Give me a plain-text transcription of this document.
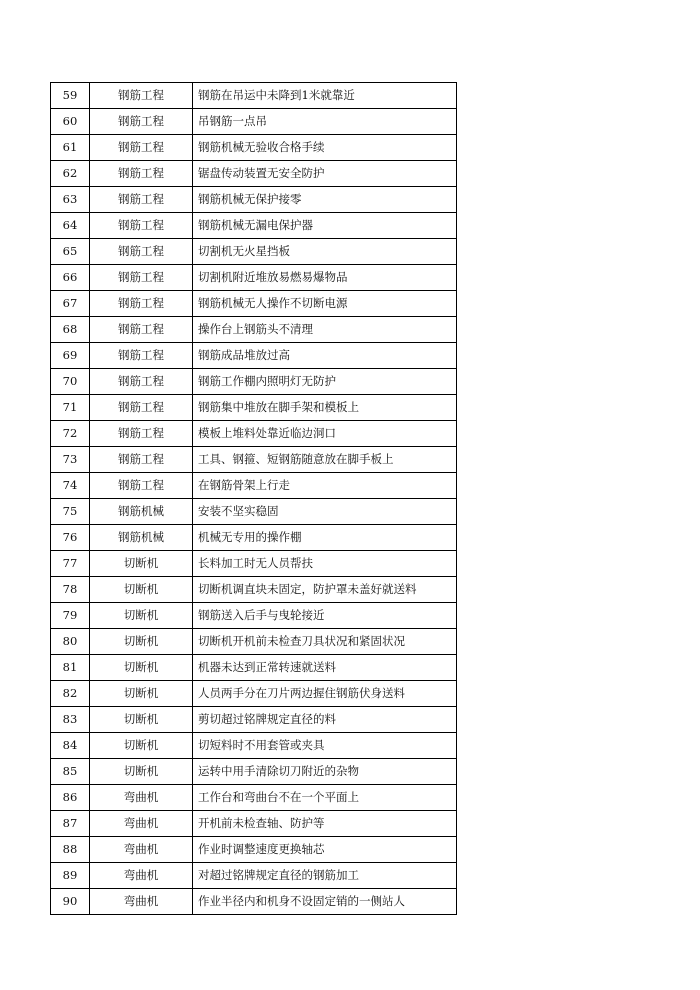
59	钢筋工程	钢筋在吊运中未降到1米就靠近
60	钢筋工程	吊钢筋一点吊
61	钢筋工程	钢筋机械无验收合格手续
62	钢筋工程	锯盘传动装置无安全防护
63	钢筋工程	钢筋机械无保护接零
64	钢筋工程	钢筋机械无漏电保护器
65	钢筋工程	切割机无火星挡板
66	钢筋工程	切割机附近堆放易燃易爆物品
67	钢筋工程	钢筋机械无人操作不切断电源
68	钢筋工程	操作台上钢筋头不清理
69	钢筋工程	钢筋成品堆放过高
70	钢筋工程	钢筋工作棚内照明灯无防护
71	钢筋工程	钢筋集中堆放在脚手架和模板上
72	钢筋工程	模板上堆料处靠近临边洞口
73	钢筋工程	工具、钢箍、短钢筋随意放在脚手板上
74	钢筋工程	在钢筋骨架上行走
75	钢筋机械	安装不坚实稳固
76	钢筋机械	机械无专用的操作棚
77	切断机	长料加工时无人员帮扶
78	切断机	切断机调直块未固定，防护罩未盖好就送料
79	切断机	钢筋送入后手与曳轮接近
80	切断机	切断机开机前未检查刀具状况和紧固状况
81	切断机	机器未达到正常转速就送料
82	切断机	人员两手分在刀片两边握住钢筋伏身送料
83	切断机	剪切超过铭牌规定直径的料
84	切断机	切短料时不用套管或夹具
85	切断机	运转中用手清除切刀附近的杂物
86	弯曲机	工作台和弯曲台不在一个平面上
87	弯曲机	开机前未检查轴、防护等
88	弯曲机	作业时调整速度更换轴芯
89	弯曲机	对超过铭牌规定直径的钢筋加工
90	弯曲机	作业半径内和机身不设固定销的一侧站人
